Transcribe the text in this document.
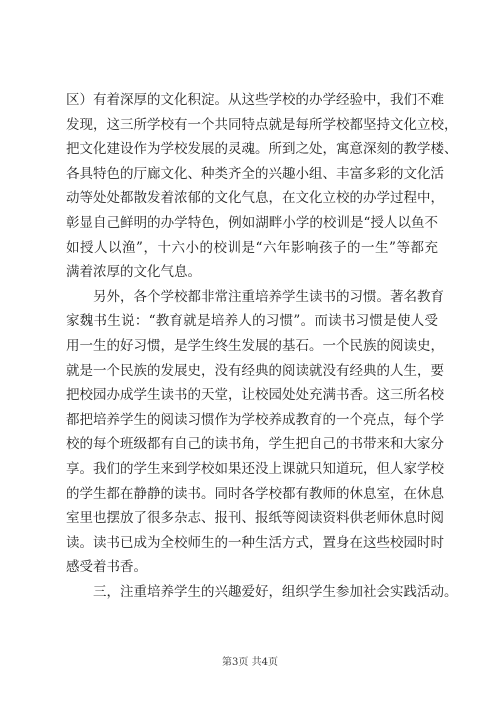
区）有着深厚的文化积淀。从这些学校的办学经验中，我们不难
发现，这三所学校有一个共同特点就是每所学校都坚持文化立校，
把文化建设作为学校发展的灵魂。所到之处，寓意深刻的教学楼、
各具特色的厅廊文化、种类齐全的兴趣小组、丰富多彩的文化活
动等处处都散发着浓郁的文化气息，在文化立校的办学过程中，
彰显自己鲜明的办学特色，例如湖畔小学的校训是“授人以鱼不
如授人以渔”，十六小的校训是“六年影响孩子的一生”等都充
满着浓厚的文化气息。
另外，各个学校都非常注重培养学生读书的习惯。著名教育
家魏书生说：“教育就是培养人的习惯”。而读书习惯是使人受
用一生的好习惯，是学生终生发展的基石。一个民族的阅读史，
就是一个民族的发展史，没有经典的阅读就没有经典的人生，要
把校园办成学生读书的天堂，让校园处处充满书香。这三所名校
都把培养学生的阅读习惯作为学校养成教育的一个亮点，每个学
校的每个班级都有自己的读书角，学生把自己的书带来和大家分
享。我们的学生来到学校如果还没上课就只知道玩，但人家学校
的学生都在静静的读书。同时各学校都有教师的休息室，在休息
室里也摆放了很多杂志、报刊、报纸等阅读资料供老师休息时阅
读。读书已成为全校师生的一种生活方式，置身在这些校园时时
感受着书香。
三，注重培养学生的兴趣爱好，组织学生参加社会实践活动。
第3页 共4页
